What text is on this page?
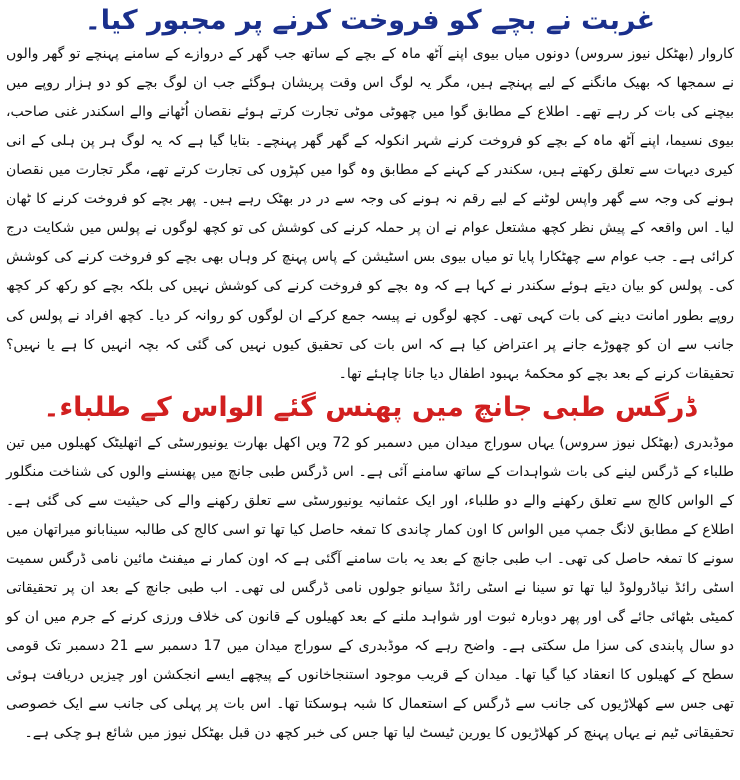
غربت نے بچے کو فروخت کرنے پر مجبور کیا۔

کاروار (بھٹکل نیوز سروس) دونوں میاں بیوی اپنے آٹھ ماہ کے بچے کے ساتھ جب گھر کے دروازے کے سامنے پہنچے تو گھر والوں نے سمجھا کہ بھیک مانگنے کے لیے پہنچے ہیں، مگر یہ لوگ اس وقت پریشان ہوگئے جب ان لوگ بچے کو دو ہزار روپے میں بیچنے کی بات کر رہے تھے۔ اطلاع کے مطابق گوا میں چھوٹی موٹی تجارت کرتے ہوئے نقصان اُٹھانے والے اسکندر غنی صاحب، بیوی نسیما، اپنے آٹھ ماہ کے بچے کو فروخت کرنے شہر انکولہ کے گھر گھر پہنچے۔ بتایا گیا ہے کہ یہ لوگ ہر پن ہلی کے انی کیری دیہات سے تعلق رکھتے ہیں، سکندر کے کہنے کے مطابق وہ گوا میں کپڑوں کی تجارت کرتے تھے، مگر تجارت میں نقصان ہونے کی وجہ سے گھر واپس لوٹنے کے لیے رقم نہ ہونے کی وجہ سے در در بھٹک رہے ہیں۔ پھر بچے کو فروخت کرنے کا ٹھان لیا۔ اس واقعہ کے پیش نظر کچھ مشتعل عوام نے ان پر حملہ کرنے کی کوشش کی تو کچھ لوگوں نے پولس میں شکایت درج کرائی ہے۔ جب عوام سے چھٹکارا پایا تو میاں بیوی بس اسٹیشن کے پاس پہنچ کر وہاں بھی بچے کو فروخت کرنے کی کوشش کی۔ پولس کو بیان دیتے ہوئے سکندر نے کہا ہے کہ وہ بچے کو فروخت کرنے کی کوشش نہیں کی بلکہ بچے کو رکھ کر کچھ روپے بطور امانت دینے کی بات کہی تھی۔ کچھ لوگوں نے پیسہ جمع کرکے ان لوگوں کو روانہ کر دیا۔ کچھ افراد نے پولس کی جانب سے ان کو چھوڑے جانے پر اعتراض کیا ہے کہ اس بات کی تحقیق کیوں نہیں کی گئی کہ بچہ انہیں کا ہے یا نہیں؟ تحقیقات کرنے کے بعد بچے کو محکمۂ بہبود اطفال دیا جانا چاہئے تھا۔

ڈرگس طبی جانچ میں پھنس گئے الواس کے طلباء۔

موڈبدری (بھٹکل نیوز سروس) یہاں سوراج میدان میں دسمبر کو 72 ویں اکھل بھارت یونیورسٹی کے اتھلیٹک کھیلوں میں تین طلباء کے ڈرگس لینے کی بات شواہدات کے ساتھ سامنے آئی ہے۔ اس ڈرگس طبی جانچ میں پھنسنے والوں کی شناخت منگلور کے الواس کالج سے تعلق رکھنے والے دو طلباء، اور ایک عثمانیہ یونیورسٹی سے تعلق رکھنے والے کی حیثیت سے کی گئی ہے۔ اطلاع کے مطابق لانگ جمپ میں الواس کا اون کمار چاندی کا تمغہ حاصل کیا تھا تو اسی کالج کی طالبہ سینابانو میراتھان میں سونے کا تمغہ حاصل کی تھی۔ اب طبی جانچ کے بعد یہ بات سامنے آگئی ہے کہ اون کمار نے میفنٹ مائین نامی ڈرگس سمیت اسٹی رائڈ نیاڈرولوڈ لیا تھا تو سینا نے اسٹی رائڈ سیانو جولوں نامی ڈرگس لی تھی۔ اب طبی جانچ کے بعد ان پر تحقیقاتی کمیٹی بٹھائی جائے گی اور پھر دوبارہ ثبوت اور شواہد ملنے کے بعد کھیلوں کے قانون کی خلاف ورزی کرنے کے جرم میں ان کو دو سال پابندی کی سزا مل سکتی ہے۔ واضح رہے کہ موڈبدری کے سوراج میدان میں 17 دسمبر سے 21 دسمبر تک قومی سطح کے کھیلوں کا انعقاد کیا گیا تھا۔ میدان کے قریب موجود استنجاخانوں کے پیچھے ایسے انجکشن اور چیزیں دریافت ہوئی تھی جس سے کھلاڑیوں کی جانب سے ڈرگس کے استعمال کا شبہ ہوسکتا تھا۔ اس بات پر پہلی کی جانب سے ایک خصوصی تحقیقاتی ٹیم نے یہاں پہنچ کر کھلاڑیوں کا یورین ٹیسٹ لیا تھا جس کی خبر کچھ دن قبل بھٹکل نیوز میں شائع ہو چکی ہے۔
